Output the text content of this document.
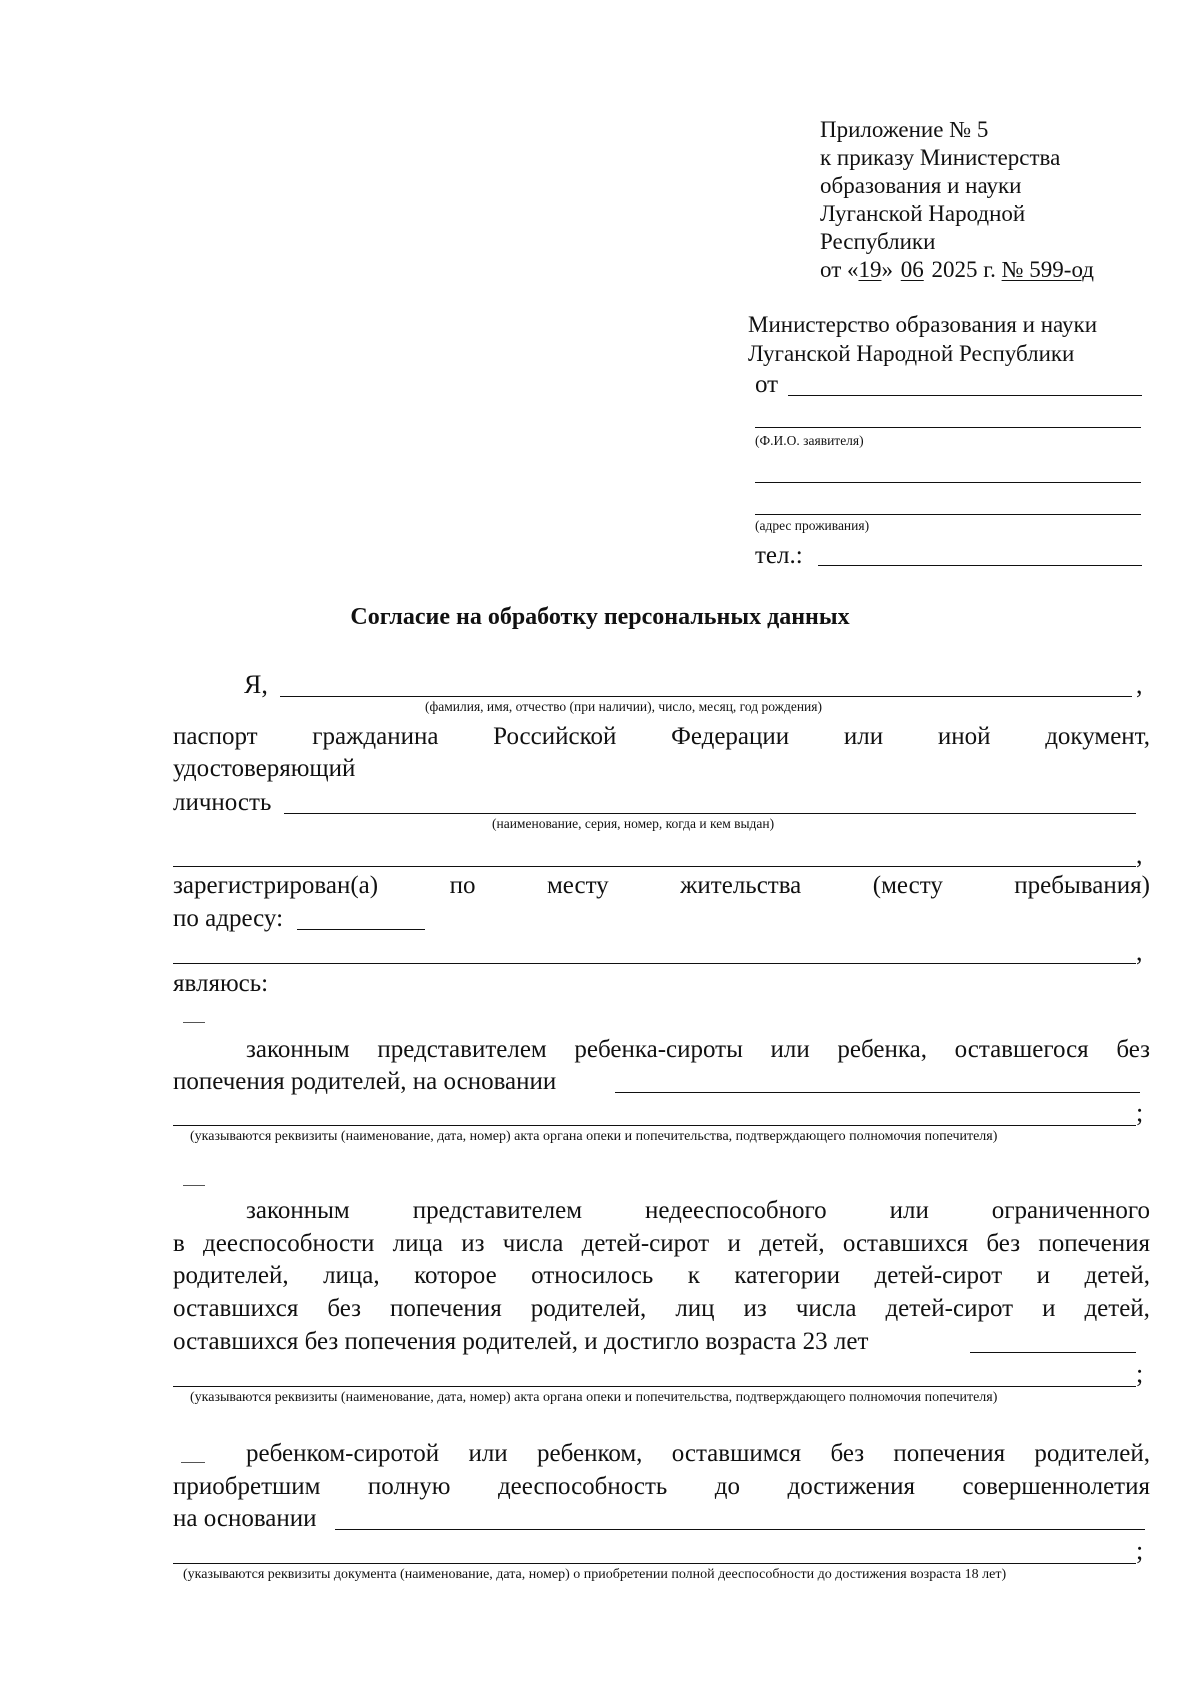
Приложение № 5
к приказу Министерства
образования и науки
Луганской Народной
Республики
от «19» 06 2025 г. № 599-од
Министерство образования и науки
Луганской Народной Республики
от
(Ф.И.О. заявителя)
(адрес проживания)
тел.:
Согласие на обработку персональных данных
Я,	,
(фамилия, имя, отчество (при наличии), число, месяц, год рождения)
паспорт гражданина Российской Федерации или иной документ,
удостоверяющий
личность
(наименование, серия, номер, когда и кем выдан)
,
зарегистрирован(а)	по	месту	жительства	(месту	пребывания)
по адресу:
,
являюсь:
законным представителем ребенка-сироты или ребенка, оставшегося без
попечения родителей, на основании
;
(указываются реквизиты (наименование, дата, номер) акта органа опеки и попечительства, подтверждающего полномочия попечителя)
законным	представителем	недееспособного	или	ограниченного
в дееспособности лица из числа детей-сирот и детей, оставшихся без попечения
родителей, лица, которое относилось к категории детей-сирот и детей,
оставшихся без попечения родителей, лиц из числа детей-сирот и детей,
оставшихся без попечения родителей, и достигло возраста 23 лет
;
(указываются реквизиты (наименование, дата, номер) акта органа опеки и попечительства, подтверждающего полномочия попечителя)
ребенком-сиротой или ребенком, оставшимся без попечения родителей,
приобретшим полную дееспособность до достижения совершеннолетия
на основании
;
(указываются реквизиты документа (наименование, дата, номер) о приобретении полной дееспособности до достижения возраста 18 лет)
